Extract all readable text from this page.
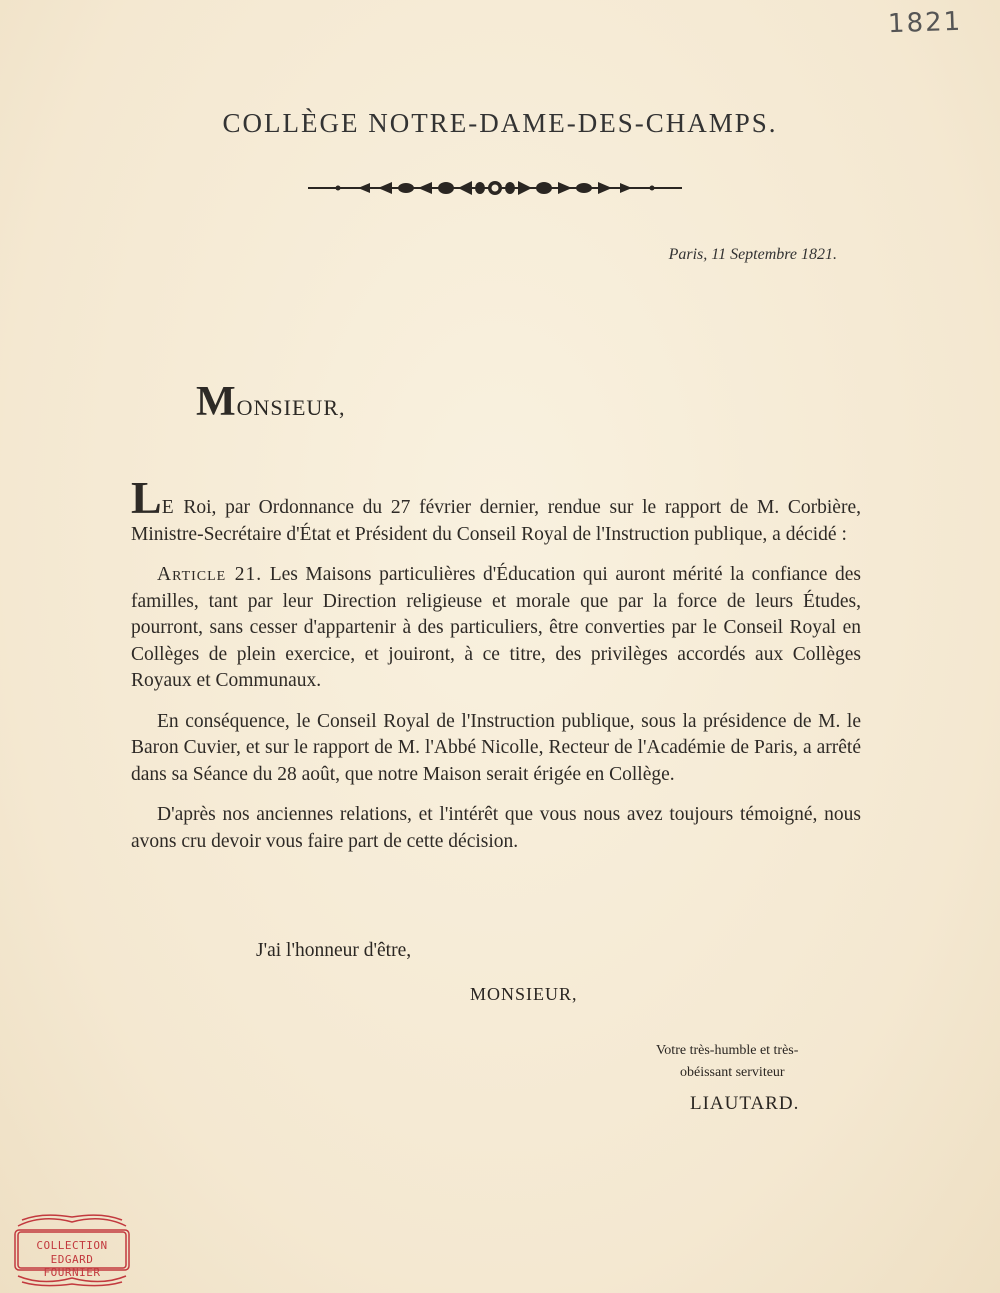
1821
COLLÈGE NOTRE-DAME-DES-CHAMPS.
Paris, 11 Septembre 1821.
MONSIEUR,

LE Roi, par Ordonnance du 27 février dernier, rendue sur le rapport de M. Corbière, Ministre-Secrétaire d'État et Président du Conseil Royal de l'Instruction publique, a décidé :

Article 21. Les Maisons particulières d'Éducation qui auront mérité la confiance des familles, tant par leur Direction religieuse et morale que par la force de leurs Études, pourront, sans cesser d'appartenir à des particuliers, être converties par le Conseil Royal en Collèges de plein exercice, et jouiront, à ce titre, des privilèges accordés aux Collèges Royaux et Communaux.

En conséquence, le Conseil Royal de l'Instruction publique, sous la présidence de M. le Baron Cuvier, et sur le rapport de M. l'Abbé Nicolle, Recteur de l'Académie de Paris, a arrêté dans sa Séance du 28 août, que notre Maison serait érigée en Collège.

D'après nos anciennes relations, et l'intérêt que vous nous avez toujours témoigné, nous avons cru devoir vous faire part de cette décision.

J'ai l'honneur d'être,
MONSIEUR,
Votre très-humble et très-
obéissant serviteur
LIAUTARD.
COLLECTION
EDGARD FOURNIER
